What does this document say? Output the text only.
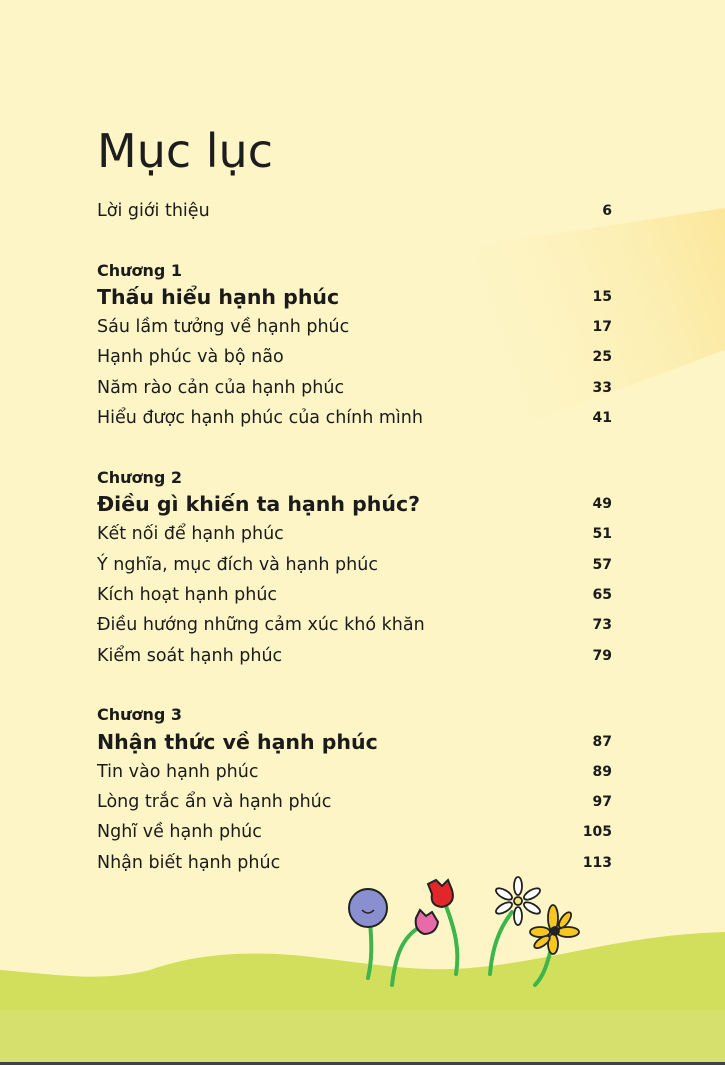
Mục lục
Lời giới thiệu	6
Chương 1
Thấu hiểu hạnh phúc	15
Sáu lầm tưởng về hạnh phúc	17
Hạnh phúc và bộ não	25
Năm rào cản của hạnh phúc	33
Hiểu được hạnh phúc của chính mình	41
Chương 2
Điều gì khiến ta hạnh phúc?	49
Kết nối để hạnh phúc	51
Ý nghĩa, mục đích và hạnh phúc	57
Kích hoạt hạnh phúc	65
Điều hướng những cảm xúc khó khăn	73
Kiểm soát hạnh phúc	79
Chương 3
Nhận thức về hạnh phúc	87
Tin vào hạnh phúc	89
Lòng trắc ẩn và hạnh phúc	97
Nghĩ về hạnh phúc	105
Nhận biết hạnh phúc	113
